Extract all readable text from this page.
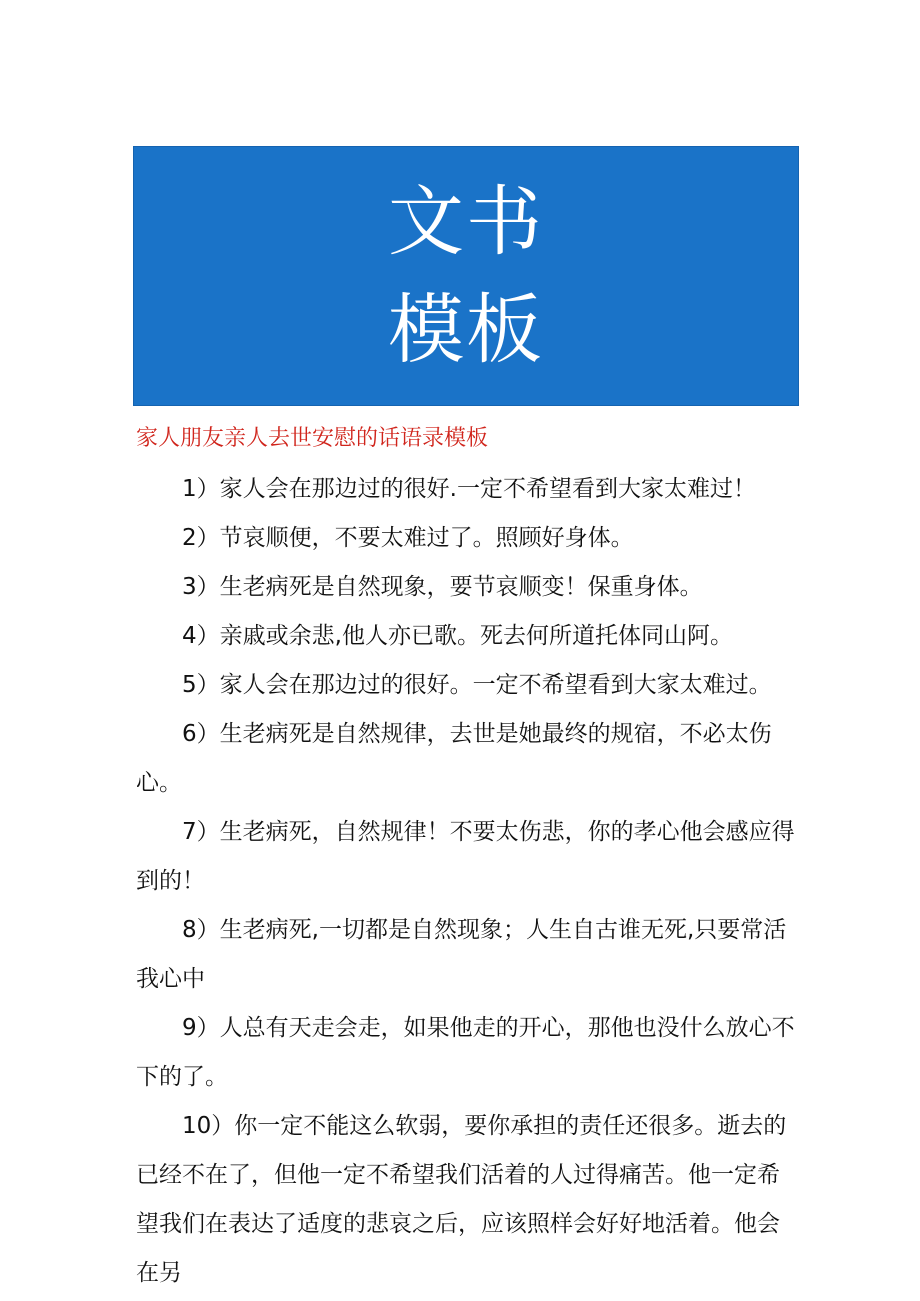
文书
模板
家人朋友亲人去世安慰的话语录模板

1）家人会在那边过的很好.一定不希望看到大家太难过！

2）节哀顺便，不要太难过了。照顾好身体。

3）生老病死是自然现象，要节哀顺变！保重身体。

4）亲戚或余悲,他人亦已歌。死去何所道托体同山阿。

5）家人会在那边过的很好。一定不希望看到大家太难过。

6）生老病死是自然规律，去世是她最终的规宿，不必太伤心。

7）生老病死，自然规律！不要太伤悲，你的孝心他会感应得到的！

8）生老病死,一切都是自然现象；人生自古谁无死,只要常活我心中

9）人总有天走会走，如果他走的开心，那他也没什么放心不下的了。

10）你一定不能这么软弱，要你承担的责任还很多。逝去的已经不在了，但他一定不希望我们活着的人过得痛苦。他一定希望我们在表达了适度的悲哀之后，应该照样会好好地活着。他会在另
